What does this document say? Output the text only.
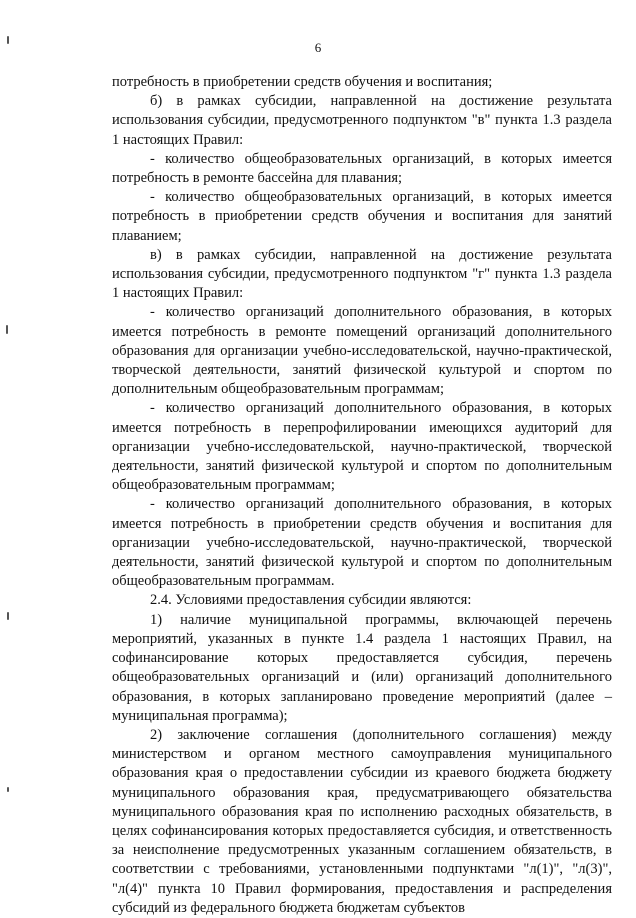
6

потребность в приобретении средств обучения и воспитания;

б) в рамках субсидии, направленной на достижение результата использования субсидии, предусмотренного подпунктом "в" пункта 1.3 раздела 1 настоящих Правил:

- количество общеобразовательных организаций, в которых имеется потребность в ремонте бассейна для плавания;

- количество общеобразовательных организаций, в которых имеется потребность в приобретении средств обучения и воспитания для занятий плаванием;

в) в рамках субсидии, направленной на достижение результата использования субсидии, предусмотренного подпунктом "г" пункта 1.3 раздела 1 настоящих Правил:

- количество организаций дополнительного образования, в которых имеется потребность в ремонте помещений организаций дополнительного образования для организации учебно-исследовательской, научно-практической, творческой деятельности, занятий физической культурой и спортом по дополнительным общеобразовательным программам;

- количество организаций дополнительного образования, в которых имеется потребность в перепрофилировании имеющихся аудиторий для организации учебно-исследовательской, научно-практической, творческой деятельности, занятий физической культурой и спортом по дополнительным общеобразовательным программам;

- количество организаций дополнительного образования, в которых имеется потребность в приобретении средств обучения и воспитания для организации учебно-исследовательской, научно-практической, творческой деятельности, занятий физической культурой и спортом по дополнительным общеобразовательным программам.

2.4. Условиями предоставления субсидии являются:

1) наличие муниципальной программы, включающей перечень мероприятий, указанных в пункте 1.4 раздела 1 настоящих Правил, на софинансирование которых предоставляется субсидия, перечень общеобразовательных организаций и (или) организаций дополнительного образования, в которых запланировано проведение мероприятий (далее – муниципальная программа);

2) заключение соглашения (дополнительного соглашения) между министерством и органом местного самоуправления муниципального образования края о предоставлении субсидии из краевого бюджета бюджету муниципального образования края, предусматривающего обязательства муниципального образования края по исполнению расходных обязательств, в целях софинансирования которых предоставляется субсидия, и ответственность за неисполнение предусмотренных указанным соглашением обязательств, в соответствии с требованиями, установленными подпунктами "л(1)", "л(3)", "л(4)" пункта 10 Правил формирования, предоставления и распределения субсидий из федерального бюджета бюджетам субъектов
